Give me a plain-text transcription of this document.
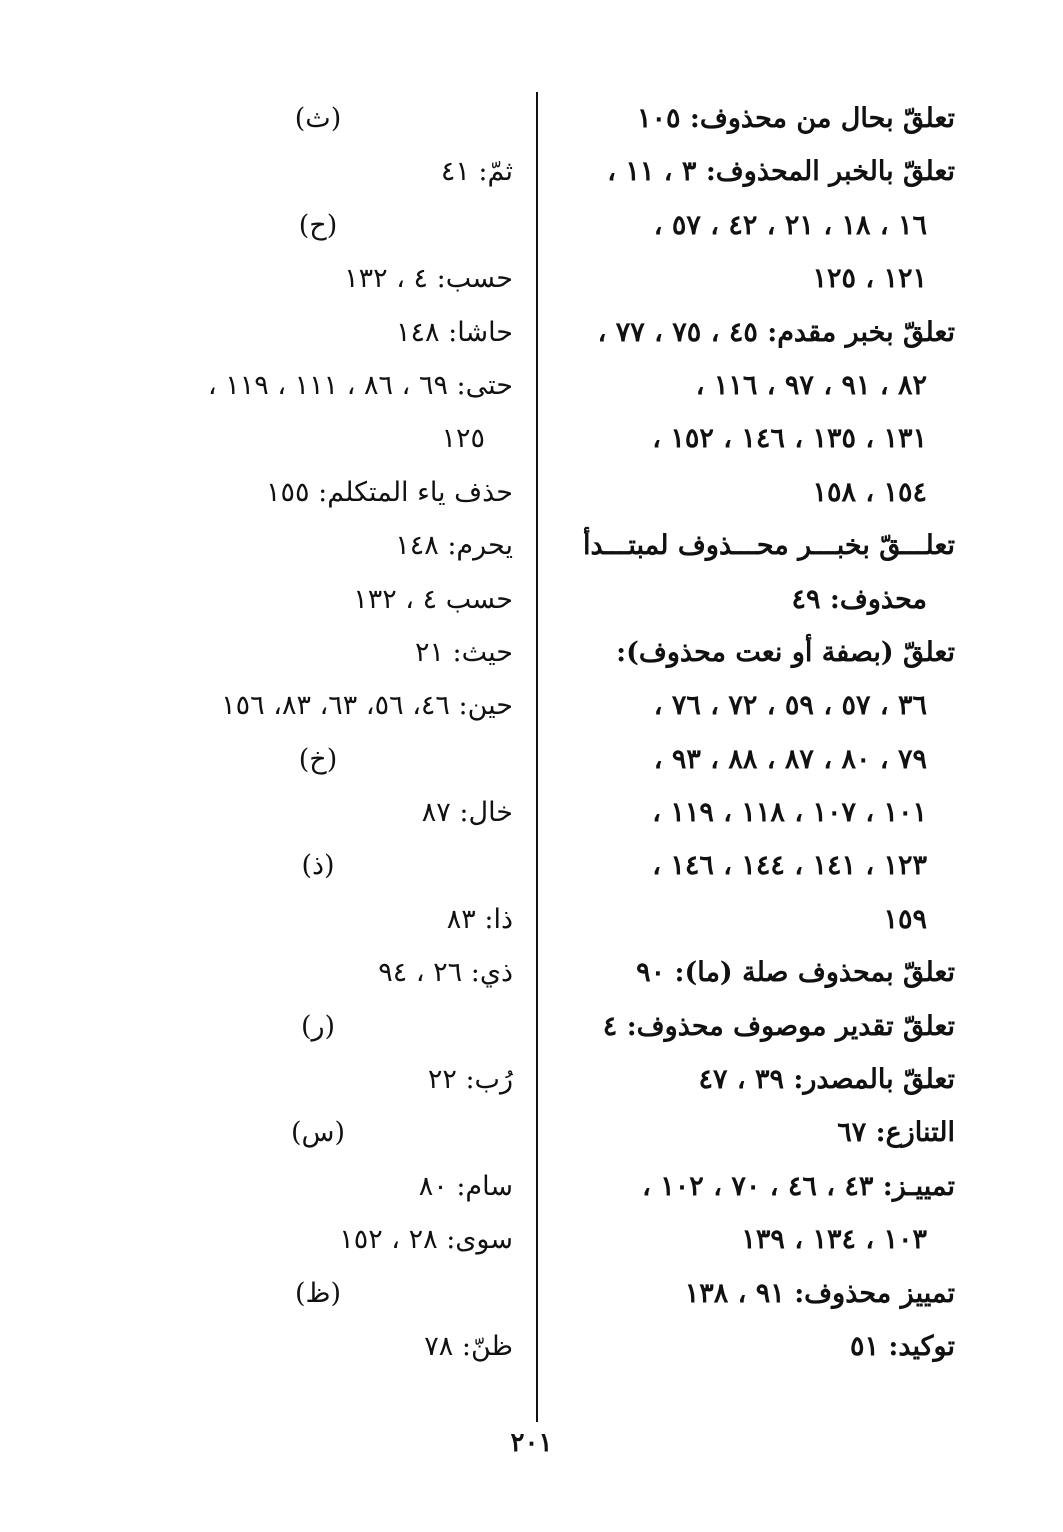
تعلقّ بحال من محذوف: ١٠٥
تعلقّ بالخبر المحذوف: ٣ ، ١١ ،
١٦ ، ١٨ ، ٢١ ، ٤٢ ، ٥٧ ،
١٢١ ، ١٢٥
تعلقّ بخبر مقدم: ٤٥ ، ٧٥ ، ٧٧ ،
٨٢ ، ٩١ ، ٩٧ ، ١١٦ ،
١٣١ ، ١٣٥ ، ١٤٦ ، ١٥٢ ،
١٥٤ ، ١٥٨
تعلـــقّ بخبـــر محـــذوف لمبتـــدأ
محذوف: ٤٩
تعلقّ (بصفة أو نعت محذوف):
٣٦ ، ٥٧ ، ٥٩ ، ٧٢ ، ٧٦ ،
٧٩ ، ٨٠ ، ٨٧ ، ٨٨ ، ٩٣ ،
١٠١ ، ١٠٧ ، ١١٨ ، ١١٩ ،
١٢٣ ، ١٤١ ، ١٤٤ ، ١٤٦ ،
١٥٩
تعلقّ بمحذوف صلة (ما): ٩٠
تعلقّ تقدير موصوف محذوف: ٤
تعلقّ بالمصدر: ٣٩ ، ٤٧
التنازع: ٦٧
تمييـز: ٤٣ ، ٤٦ ، ٧٠ ، ١٠٢ ،
١٠٣ ، ١٣٤ ، ١٣٩
تمييز محذوف: ٩١ ، ١٣٨
توكيد: ٥١
(ث)
ثمّ: ٤١
(ح)
حسب: ٤ ، ١٣٢
حاشا: ١٤٨
حتى: ٦٩ ، ٨٦ ، ١١١ ، ١١٩ ،
١٢٥
حذف ياء المتكلم: ١٥٥
يحرم: ١٤٨
حسب ٤ ، ١٣٢
حيث: ٢١
حين: ٤٦، ٥٦، ٦٣، ٨٣، ١٥٦
(خ)
خال: ٨٧
(ذ)
ذا: ٨٣
ذي: ٢٦ ، ٩٤
(ر)
رُب: ٢٢
(س)
سام: ٨٠
سوى: ٢٨ ، ١٥٢
(ظ)
ظنّ: ٧٨
٢٠١
